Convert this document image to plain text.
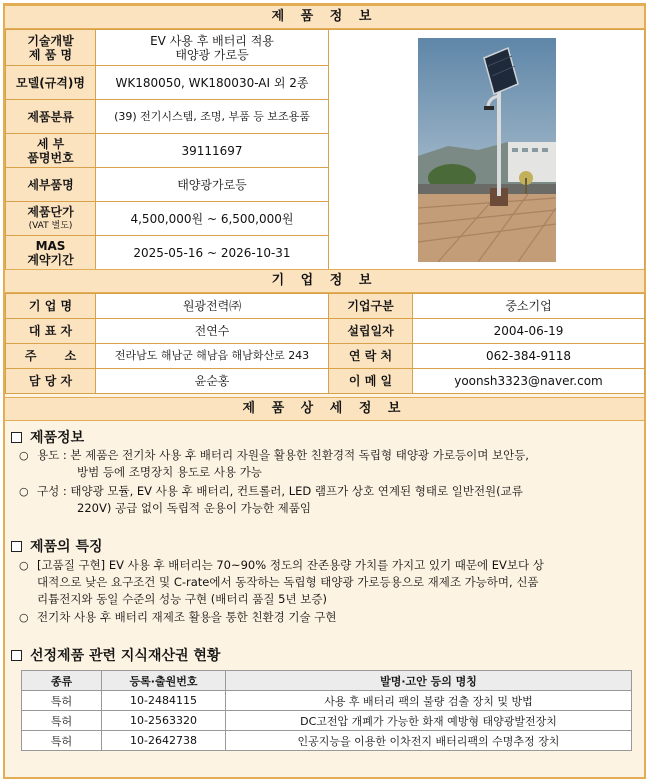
제 품 정 보
기술개발
제 품 명	EV 사용 후 배터리 적용
태양광 가로등	

모델(규격)명	WK180050, WK180030-AI 외 2종	
제품분류	(39) 전기시스템, 조명, 부품 등 보조용품	
세 부
품명번호	39111697	
세부품명	태양광가로등	

제품단가
(VAT 별도)	4,500,000원 ~ 6,500,000원	
MAS
계약기간	2025-05-16 ~ 2026-10-31	
기 업 정 보
기 업 명	원광전력㈜	기업구분	중소기업
대 표 자	전연수	설립일자	2004-06-19
주 소	전라남도 해남군 해남읍 해남화산로 243	연 락 처	062-384-9118
담 당 자	윤순홍	이 메 일	yoonsh3323@naver.com
제 품 상 세 정 보
제품정보
○ 용도 : 본 제품은 전기차 사용 후 배터리 자원을 활용한 친환경적 독립형 태양광 가로등이며 보안등,
방범 등에 조명장치 용도로 사용 가능
○ 구성 : 태양광 모듈, EV 사용 후 배터리, 컨트롤러, LED 램프가 상호 연계된 형태로 일반전원(교류
220V) 공급 없이 독립적 운용이 가능한 제품임
제품의 특징
○ [고품질 구현] EV 사용 후 배터리는 70~90% 정도의 잔존용량 가치를 가지고 있기 때문에 EV보다 상
대적으로 낮은 요구조건 및 C-rate에서 동작하는 독립형 태양광 가로등용으로 재제조 가능하며, 신품
리튬전지와 동일 수준의 성능 구현 (배터리 품질 5년 보증)
○ 전기차 사용 후 배터리 재제조 활용을 통한 친환경 기술 구현
선정제품 관련 지식재산권 현황
종류	등록·출원번호	발명·고안 등의 명칭
특허	10-2484115	사용 후 배터리 팩의 불량 검출 장치 및 방법
특허	10-2563320	DC고전압 개폐가 가능한 화재 예방형 태양광발전장치
특허	10-2642738	인공지능을 이용한 이차전지 배터리팩의 수명추정 장치
